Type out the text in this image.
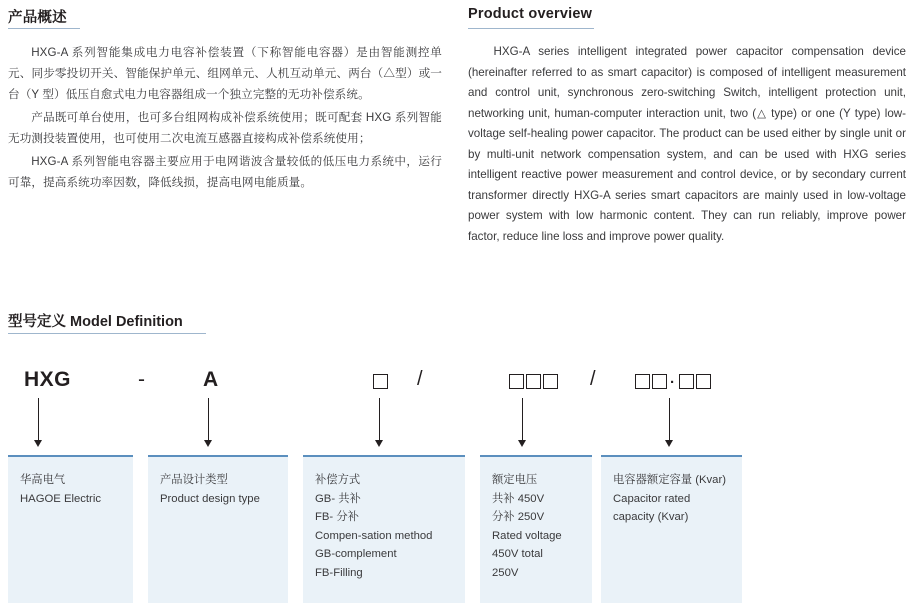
产品概述	Product overview

HXG-A 系列智能集成电力电容补偿装置（下称智能电容器）是由智能测控单元、同步零投切开关、智能保护单元、组网单元、人机互动单元、两台（△型）或一台（Y 型）低压自愈式电力电容器组成一个独立完整的无功补偿系统。

产品既可单台使用，也可多台组网构成补偿系统使用；既可配套 HXG 系列智能无功测投装置使用，也可使用二次电流互感器直接构成补偿系统使用；

HXG-A 系列智能电容器主要应用于电网谐波含量较低的低压电力系统中，运行可靠，提高系统功率因数，降低线损，提高电网电能质量。

HXG-A series intelligent integrated power capacitor compensation device (hereinafter referred to as smart capacitor) is composed of intelligent measurement and control unit, synchronous zero-switching Switch, intelligent protection unit, networking unit, human-computer interaction unit, two (△ type) or one (Y type) low-voltage self-healing power capacitor. The product can be used either by single unit or by multi-unit network compensation system, and can be used with HXG series intelligent reactive power measurement and control device, or by secondary current transformer directly HXG-A series smart capacitors are mainly used in low-voltage power system with low harmonic content. They can run reliably, improve power factor, reduce line loss and improve power quality.

型号定义 Model Definition
HXG	-	A	/	/	·
华高电气
HAGOE Electric
产品设计类型
Product design type
补偿方式
GB- 共补
FB- 分补
Compen-sation method
GB-complement
FB-Filling
额定电压
共补 450V
分补 250V
Rated voltage
450V total
250V
电容器额定容量 (Kvar)
Capacitor rated
capacity (Kvar)
